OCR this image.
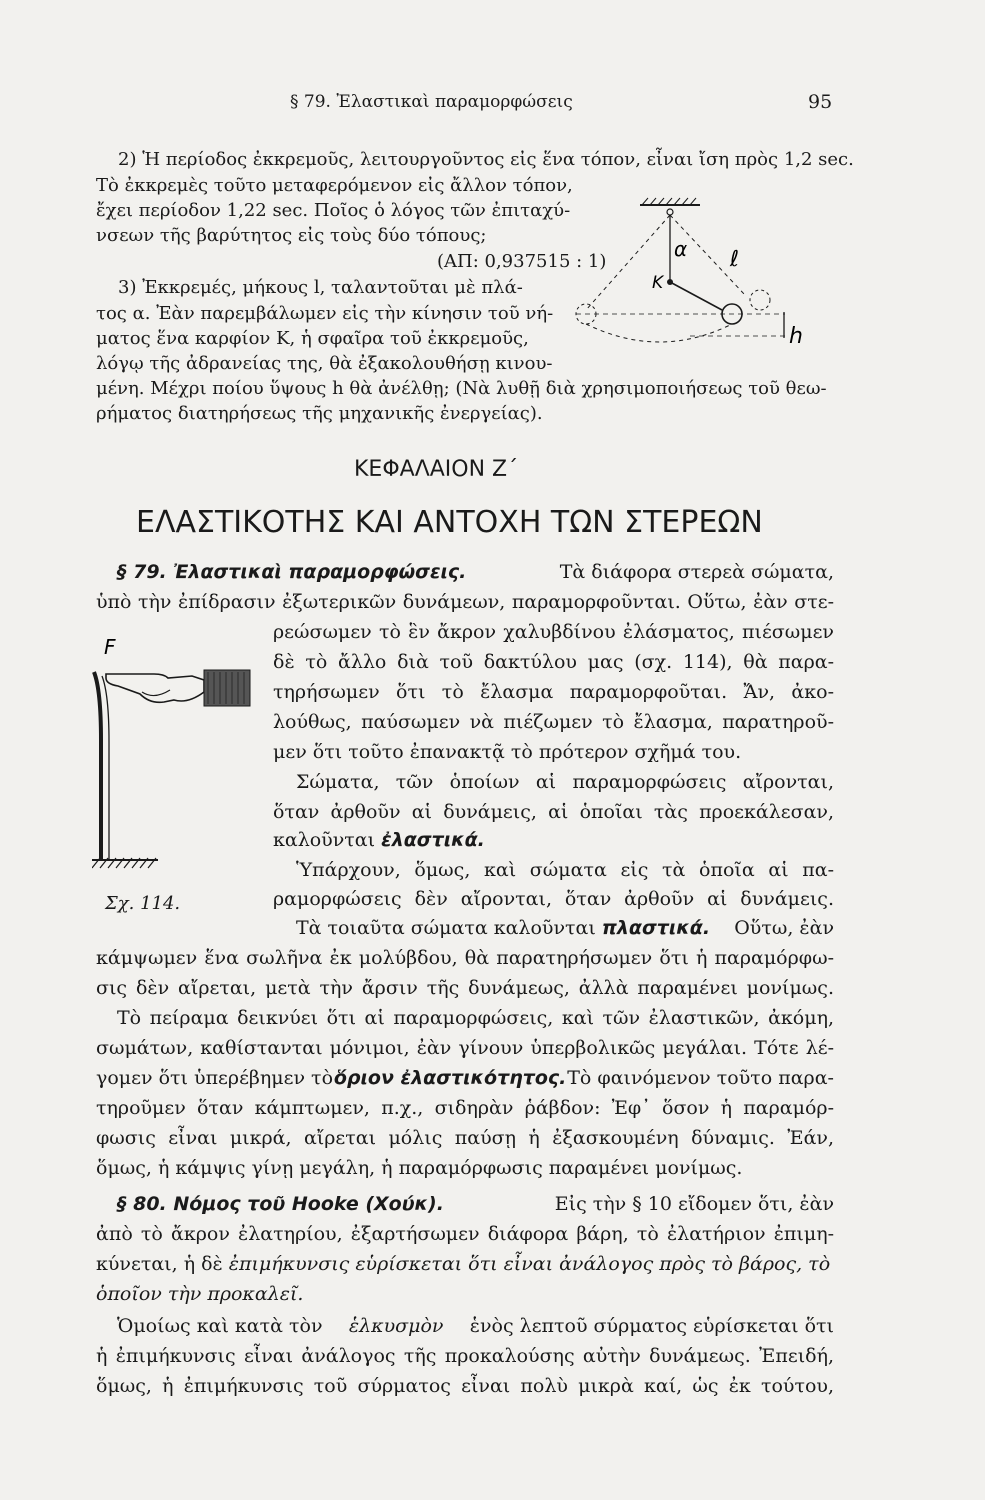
§ 79. Ἐλαστικαὶ παραμορφώσεις	95
2) Ἡ περίοδος ἐκκρεμοῦς, λειτουργοῦντος εἰς ἕνα τόπον, εἶναι ἴση πρὸς 1,2 sec.
Τὸ ἐκκρεμὲς τοῦτο μεταφερόμενον εἰς ἄλλον τόπον,
ἔχει περίοδον 1,22 sec. Ποῖος ὁ λόγος τῶν ἐπιταχύ-
νσεων τῆς βαρύτητος εἰς τοὺς δύο τόπους;
(ΑΠ: 0,937515 : 1)
3) Ἐκκρεμές, μήκους l, ταλαντοῦται μὲ πλά-
τος α. Ἐὰν παρεμβάλωμεν εἰς τὴν κίνησιν τοῦ νή-
ματος ἕνα καρφίον K, ἡ σφαῖρα τοῦ ἐκκρεμοῦς,
λόγῳ τῆς ἀδρανείας της, θὰ ἐξακολουθήσῃ κινου-
μένη. Μέχρι ποίου ὕψους h θὰ ἀνέλθῃ; (Νὰ λυθῇ διὰ χρησιμοποιήσεως τοῦ θεω-
ρήματος διατηρήσεως τῆς μηχανικῆς ἐνεργείας).
α ℓ
K
h
ΚΕΦΑΛΑΙΟΝ Ζ΄
ΕΛΑΣΤΙΚΟΤΗΣ ΚΑΙ ΑΝΤΟΧΗ ΤΩΝ ΣΤΕΡΕΩΝ
§ 79. Ἐλαστικαὶ παραμορφώσεις.	Τὰ διάφορα στερεὰ σώματα,
ὑπὸ τὴν ἐπίδρασιν ἐξωτερικῶν δυνάμεων, παραμορφοῦνται. Οὕτω, ἐὰν στε-
ρεώσωμεν τὸ ἓν ἄκρον χαλυβδίνου ἐλάσματος, πιέσωμεν
δὲ τὸ ἄλλο διὰ τοῦ δακτύλου μας (σχ. 114), θὰ παρα-
τηρήσωμεν ὅτι τὸ ἔλασμα παραμορφοῦται. Ἄν, ἀκο-
λούθως, παύσωμεν νὰ πιέζωμεν τὸ ἔλασμα, παρατηροῦ-
μεν ὅτι τοῦτο ἐπανακτᾷ τὸ πρότερον σχῆμά του.
Σώματα, τῶν ὁποίων αἱ παραμορφώσεις αἴρονται,
ὅταν ἀρθοῦν αἱ δυνάμεις, αἱ ὁποῖαι τὰς προεκάλεσαν,
καλοῦνται ἐλαστικά.
Ὑπάρχουν, ὅμως, καὶ σώματα εἰς τὰ ὁποῖα αἱ πα-
ραμορφώσεις δὲν αἴρονται, ὅταν ἀρθοῦν αἱ δυνάμεις.
Τὰ τοιαῦτα σώματα καλοῦνται πλαστικά. Οὕτω, ἐὰν
κάμψωμεν ἕνα σωλῆνα ἐκ μολύβδου, θὰ παρατηρήσωμεν ὅτι ἡ παραμόρφω-
σις δὲν αἴρεται, μετὰ τὴν ἄρσιν τῆς δυνάμεως, ἀλλὰ παραμένει μονίμως.
Τὸ πείραμα δεικνύει ὅτι αἱ παραμορφώσεις, καὶ τῶν ἐλαστικῶν, ἀκόμη,
σωμάτων, καθίστανται μόνιμοι, ἐὰν γίνουν ὑπερβολικῶς μεγάλαι. Τότε λέ-
γομεν ὅτι ὑπερέβημεν τὸ ὅριον ἐλαστικότητος. Τὸ φαινόμενον τοῦτο παρα-
τηροῦμεν ὅταν κάμπτωμεν, π.χ., σιδηρὰν ῥάβδον: Ἐφ᾿ ὅσον ἡ παραμόρ-
φωσις εἶναι μικρά, αἴρεται μόλις παύσῃ ἡ ἐξασκουμένη δύναμις. Ἐάν,
ὅμως, ἡ κάμψις γίνῃ μεγάλη, ἡ παραμόρφωσις παραμένει μονίμως.
F
Σχ. 114.
§ 80. Νόμος τοῦ Hooke (Χούκ).	Εἰς τὴν § 10 εἴδομεν ὅτι, ἐὰν
ἀπὸ τὸ ἄκρον ἐλατηρίου, ἐξαρτήσωμεν διάφορα βάρη, τὸ ἐλατήριον ἐπιμη-
κύνεται, ἡ δὲ ἐπιμήκυνσις εὑρίσκεται ὅτι εἶναι ἀνάλογος πρὸς τὸ βάρος, τὸ
ὁποῖον τὴν προκαλεῖ.
Ὁμοίως καὶ κατὰ τὸν ἑλκυσμὸν ἑνὸς λεπτοῦ σύρματος εὑρίσκεται ὅτι
ἡ ἐπιμήκυνσις εἶναι ἀνάλογος τῆς προκαλούσης αὐτὴν δυνάμεως. Ἐπειδή,
ὅμως, ἡ ἐπιμήκυνσις τοῦ σύρματος εἶναι πολὺ μικρὰ καί, ὡς ἐκ τούτου,
